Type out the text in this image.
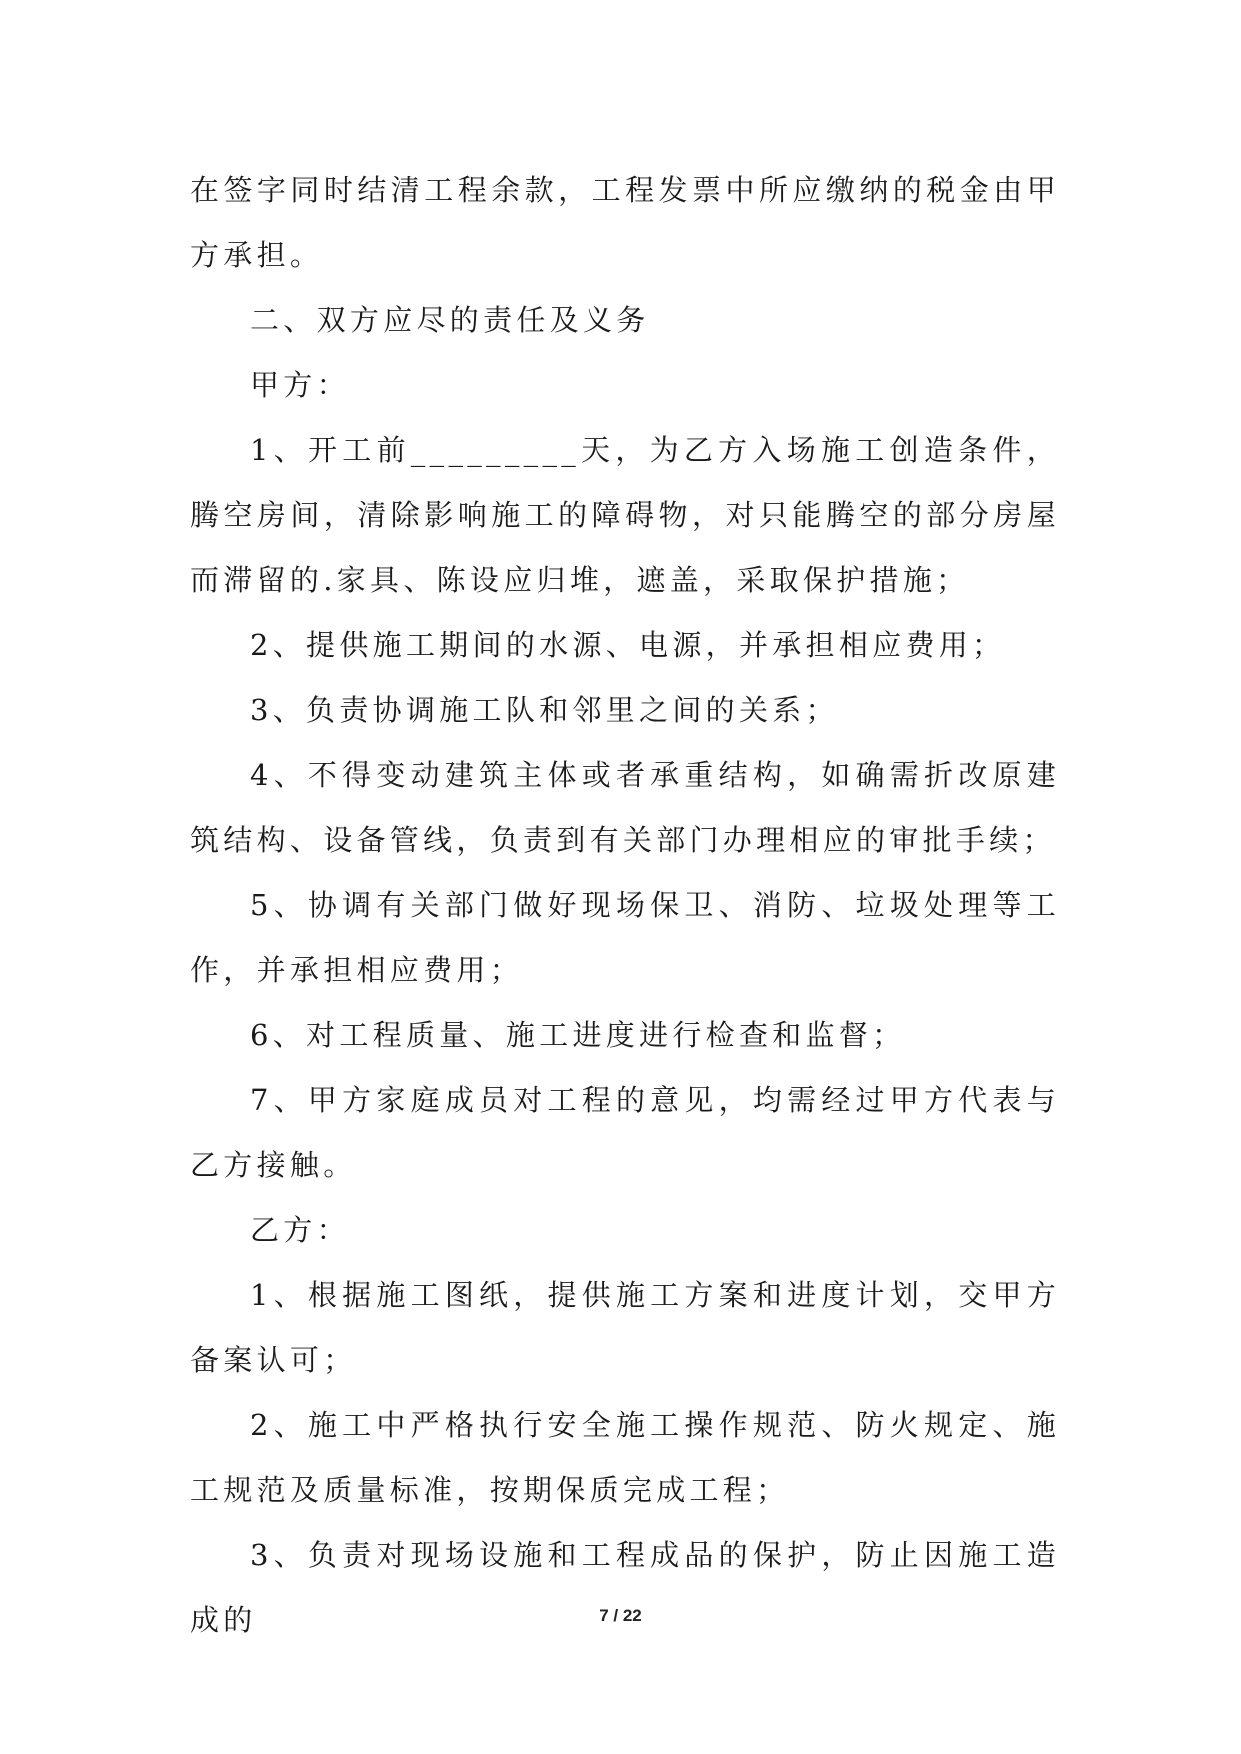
在签字同时结清工程余款，工程发票中所应缴纳的税金由甲方承担。

二、双方应尽的责任及义务

甲方：

1、开工前_________天，为乙方入场施工创造条件，腾空房间，清除影响施工的障碍物，对只能腾空的部分房屋而滞留的.家具、陈设应归堆，遮盖，采取保护措施；

2、提供施工期间的水源、电源，并承担相应费用；

3、负责协调施工队和邻里之间的关系；

4、不得变动建筑主体或者承重结构，如确需折改原建筑结构、设备管线，负责到有关部门办理相应的审批手续；

5、协调有关部门做好现场保卫、消防、垃圾处理等工作，并承担相应费用；

6、对工程质量、施工进度进行检查和监督；

7、甲方家庭成员对工程的意见，均需经过甲方代表与乙方接触。

乙方：

1、根据施工图纸，提供施工方案和进度计划，交甲方备案认可；

2、施工中严格执行安全施工操作规范、防火规定、施工规范及质量标准，按期保质完成工程；

3、负责对现场设施和工程成品的保护，防止因施工造成的	7 / 22
